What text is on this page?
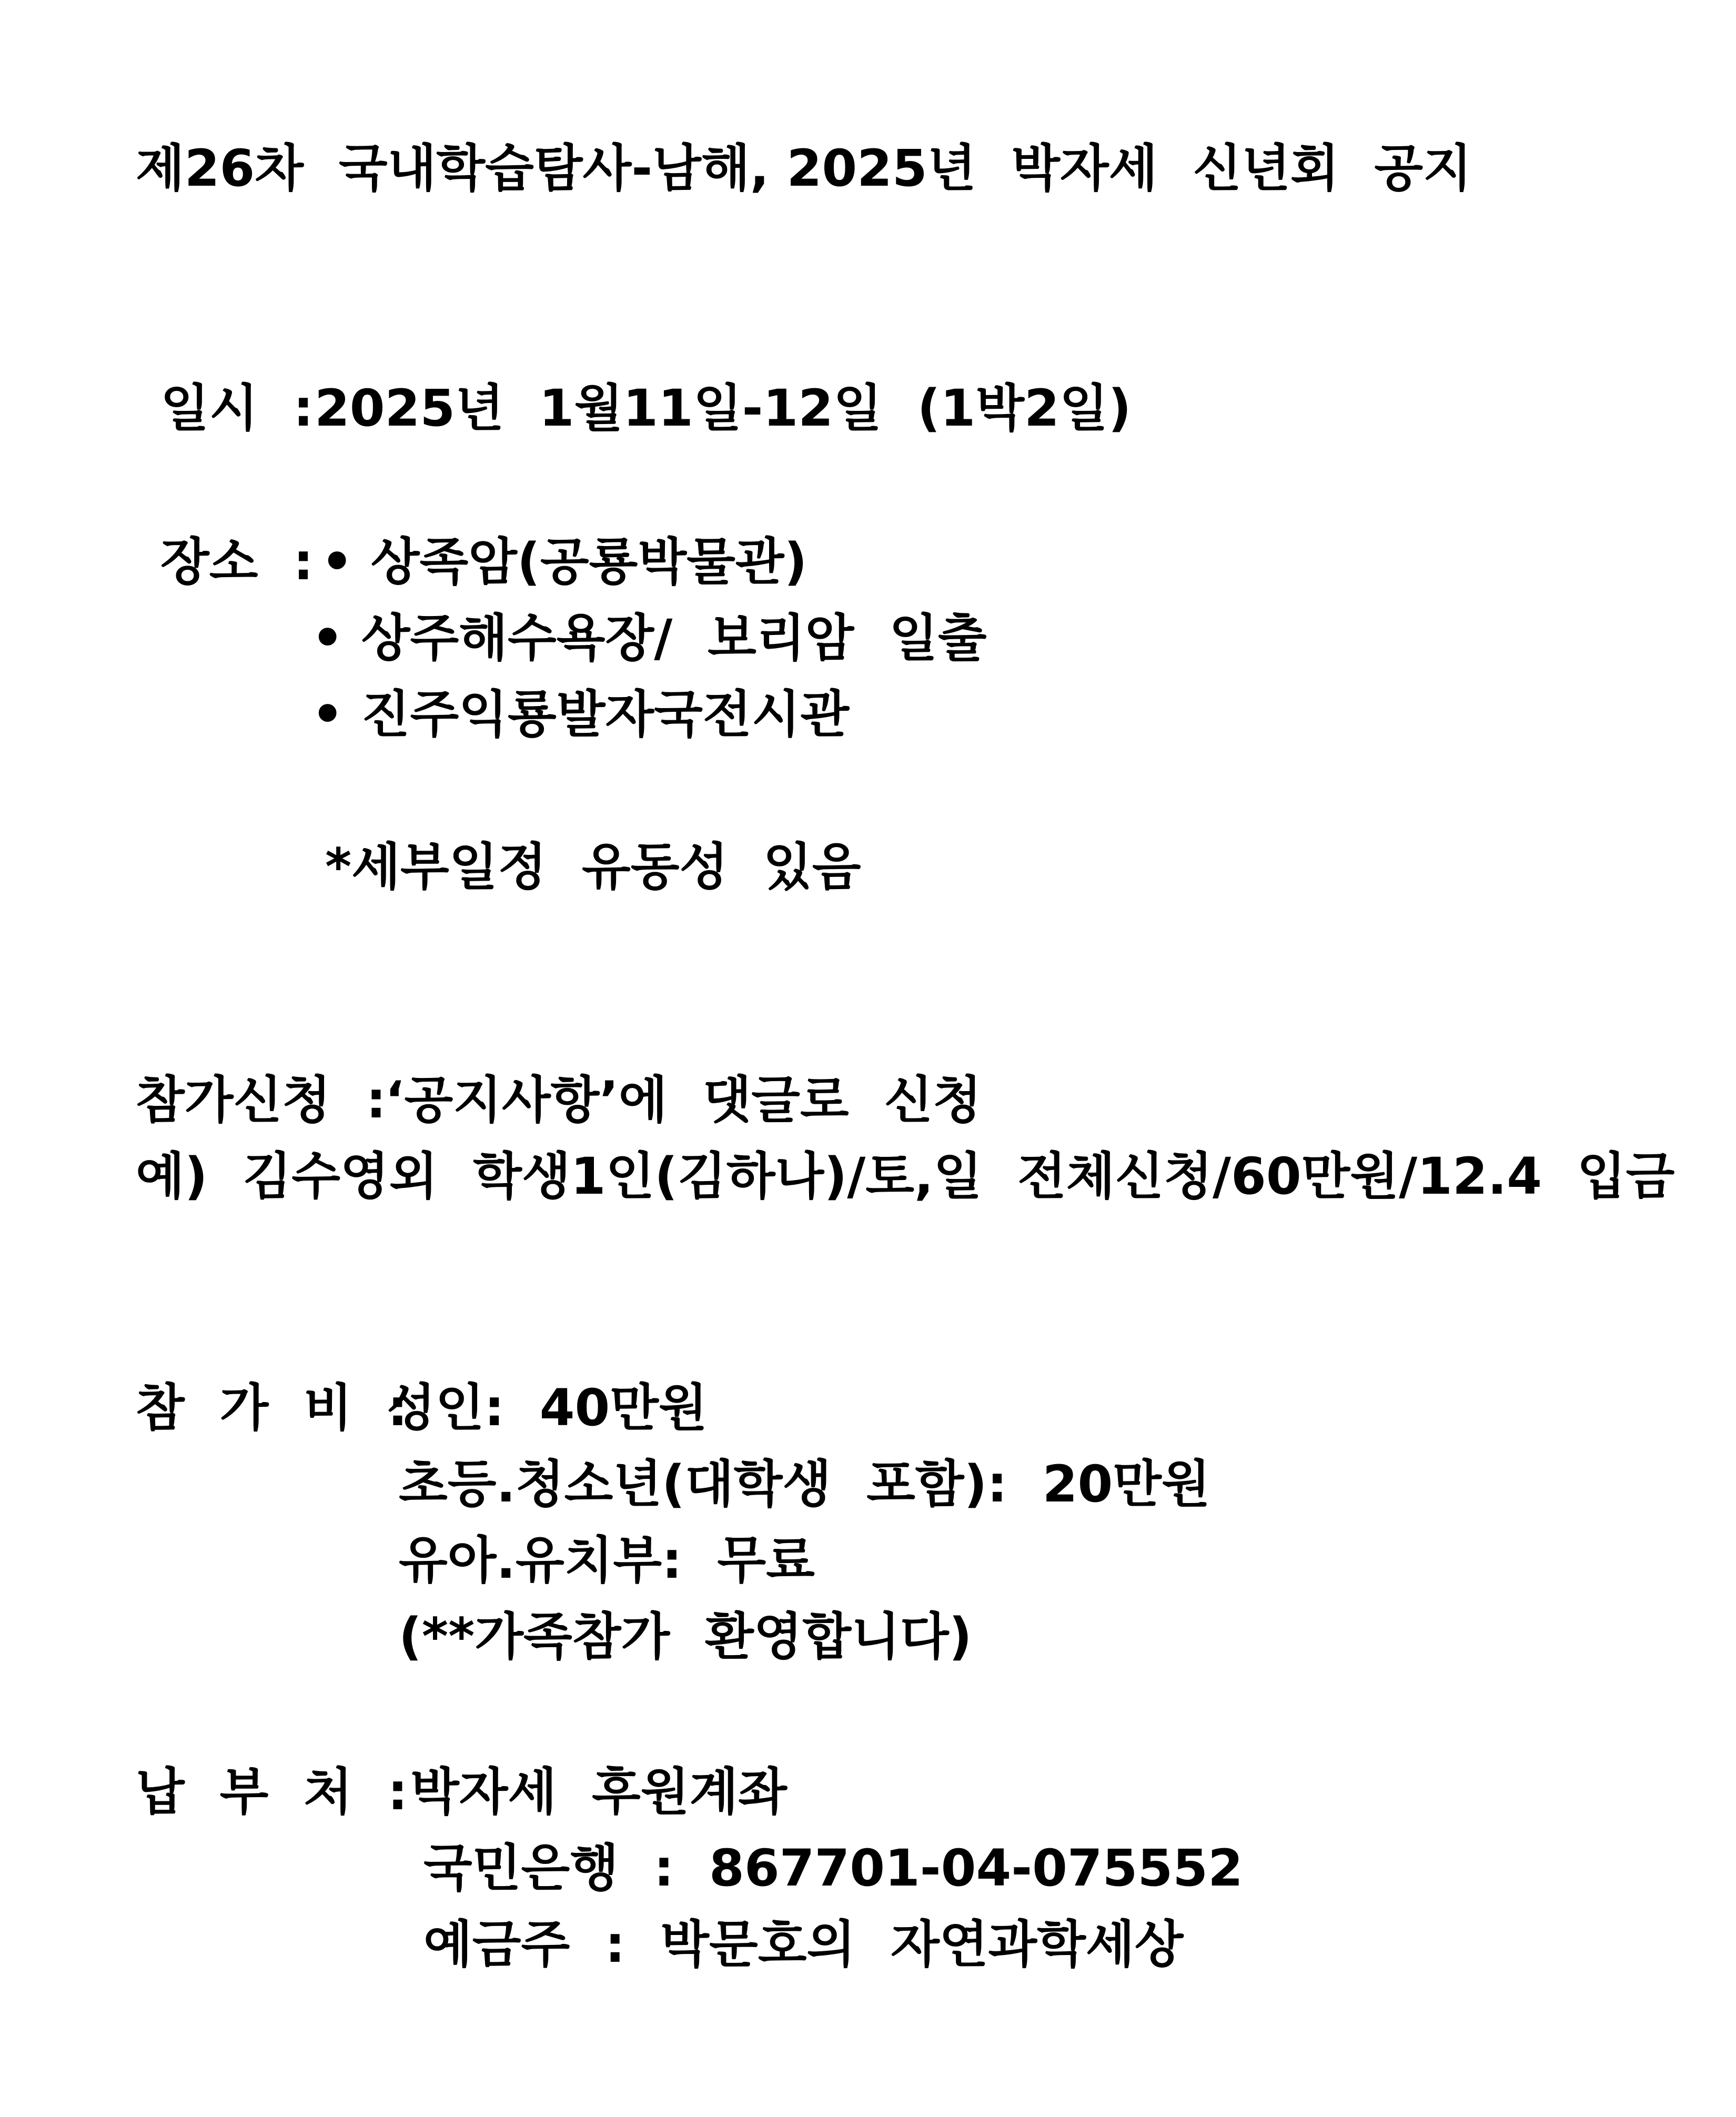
제26차  국내학습탐사-남해, 2025년  박자세  신년회  공지
일시  : 2025년  1월11일-12일  (1박2일)
장소  : • 상족암(공룡박물관)
• 상주해수욕장/  보리암  일출
• 진주익룡발자국전시관
*세부일정  유동성  있음
참가신청  :
‘공지사항’에  댓글로  신청
예)  김수영외  학생1인(김하나)/토,일  전체신청/60만원/12.4  입금
참  가  비  :
성인:  40만원
초등.청소년(대학생  포함):  20만원
유아.유치부:  무료
(**가족참가  환영합니다)
납  부  처  : 박자세  후원계좌
국민은행  :  867701-04-075552
예금주  :  박문호의  자연과학세상
